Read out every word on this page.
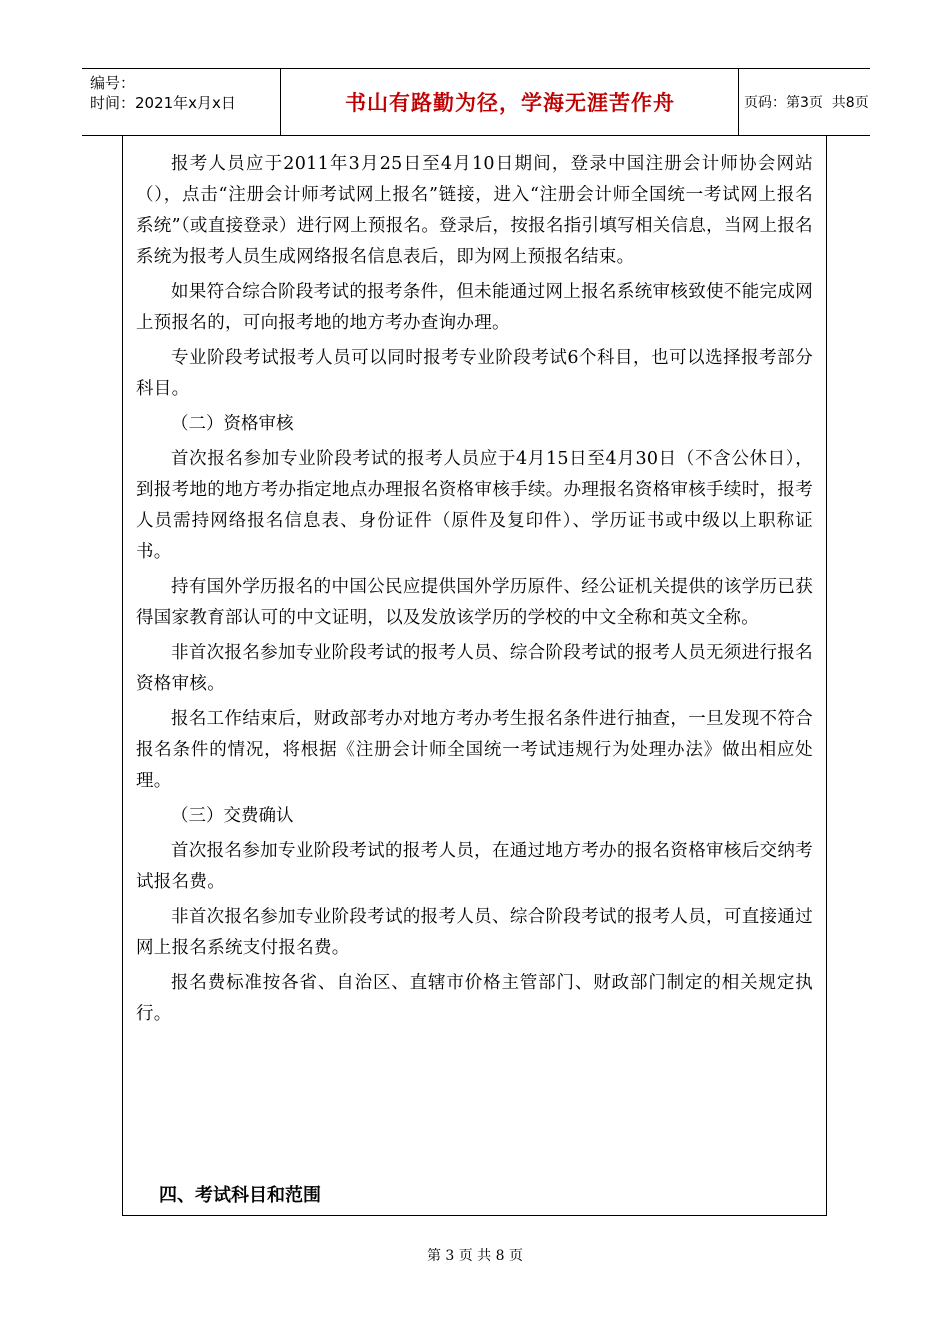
编号：
时间：2021年x月x日	书山有路勤为径，学海无涯苦作舟	页码：第3页  共8页

报考人员应于2011年3月25日至4月10日期间，登录中国注册会计师协会网站（），点击“注册会计师考试网上报名”链接，进入“注册会计师全国统一考试网上报名系统”（或直接登录）进行网上预报名。登录后，按报名指引填写相关信息，当网上报名系统为报考人员生成网络报名信息表后，即为网上预报名结束。

如果符合综合阶段考试的报考条件，但未能通过网上报名系统审核致使不能完成网上预报名的，可向报考地的地方考办查询办理。

专业阶段考试报考人员可以同时报考专业阶段考试6个科目，也可以选择报考部分科目。

（二）资格审核

首次报名参加专业阶段考试的报考人员应于4月15日至4月30日（不含公休日），到报考地的地方考办指定地点办理报名资格审核手续。办理报名资格审核手续时，报考人员需持网络报名信息表、身份证件（原件及复印件）、学历证书或中级以上职称证书。

持有国外学历报名的中国公民应提供国外学历原件、经公证机关提供的该学历已获得国家教育部认可的中文证明，以及发放该学历的学校的中文全称和英文全称。

非首次报名参加专业阶段考试的报考人员、综合阶段考试的报考人员无须进行报名资格审核。

报名工作结束后，财政部考办对地方考办考生报名条件进行抽查，一旦发现不符合报名条件的情况，将根据《注册会计师全国统一考试违规行为处理办法》做出相应处理。

（三）交费确认

首次报名参加专业阶段考试的报考人员，在通过地方考办的报名资格审核后交纳考试报名费。

非首次报名参加专业阶段考试的报考人员、综合阶段考试的报考人员，可直接通过网上报名系统支付报名费。

报名费标准按各省、自治区、直辖市价格主管部门、财政部门制定的相关规定执行。

四、考试科目和范围
第 3 页 共 8 页
